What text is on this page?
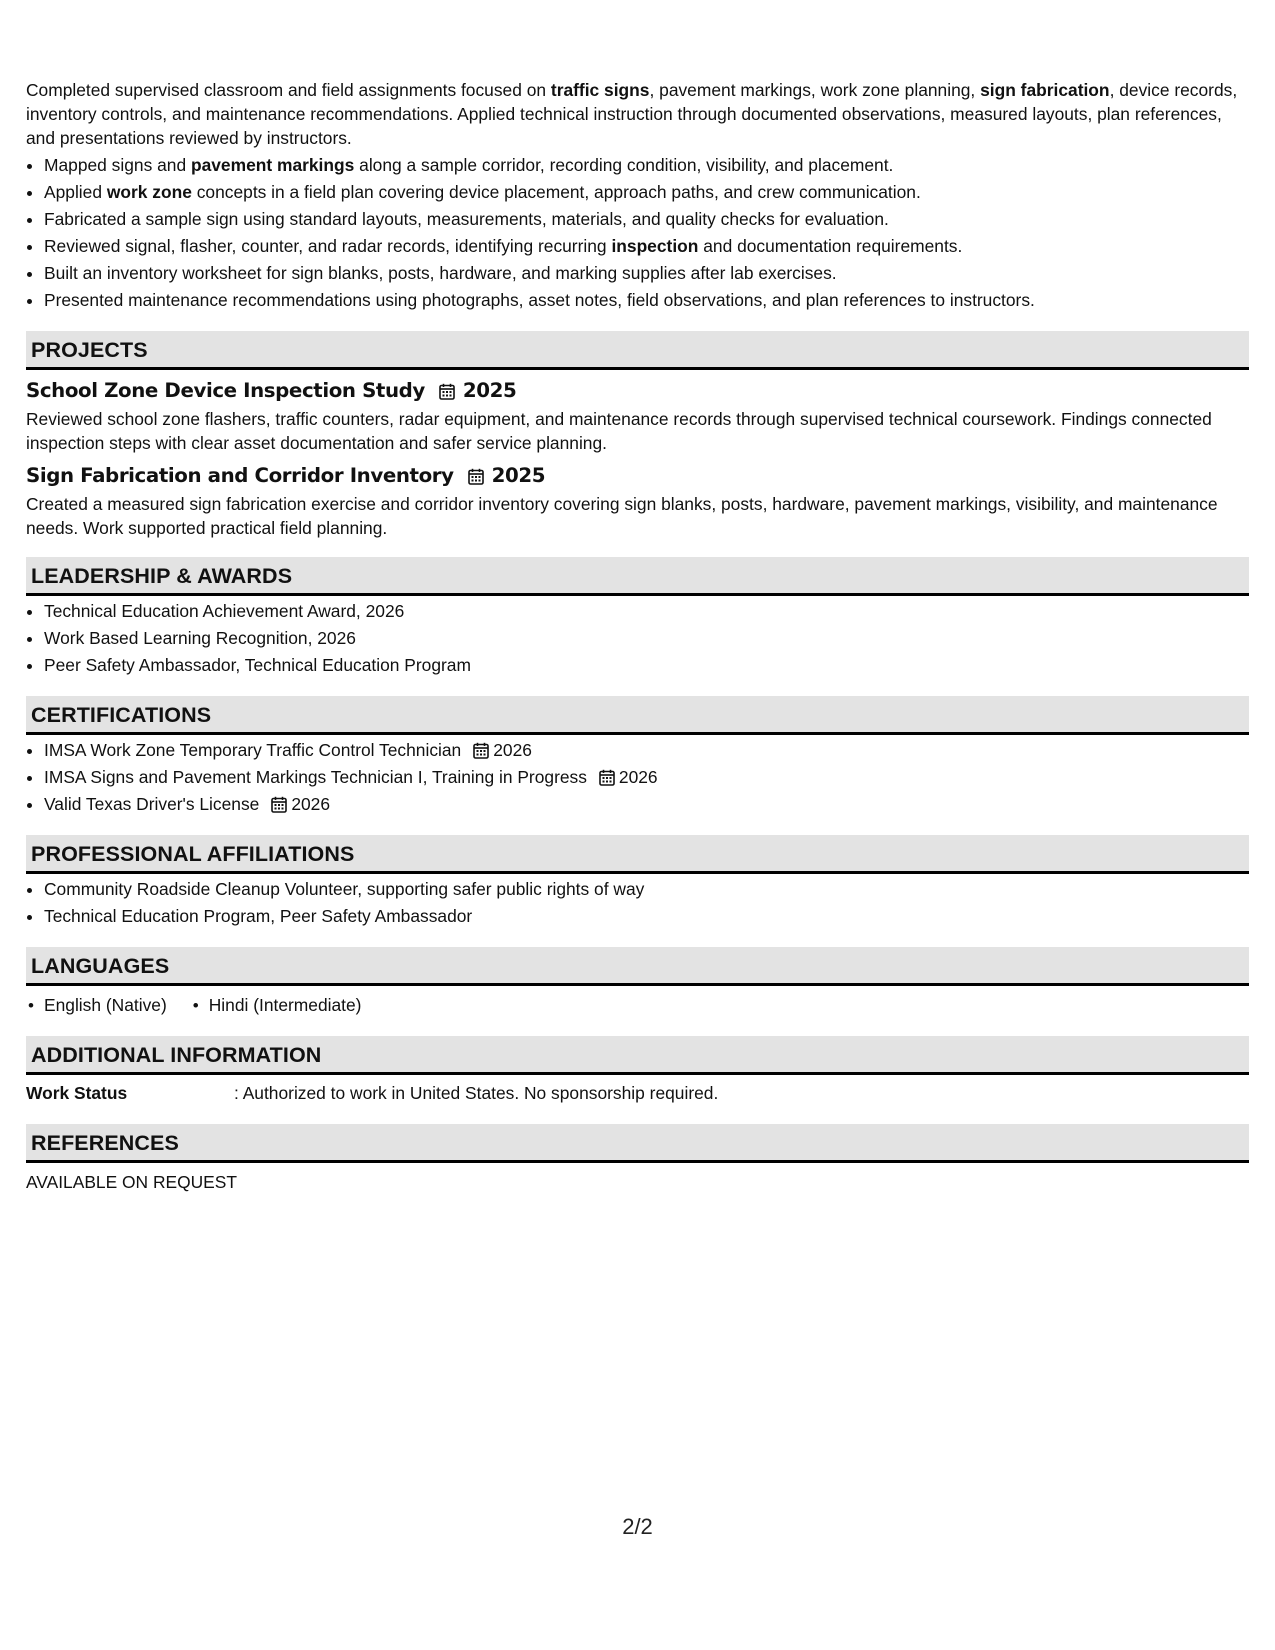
Completed supervised classroom and field assignments focused on traffic signs, pavement markings, work zone planning, sign fabrication, device records, inventory controls, and maintenance recommendations. Applied technical instruction through documented observations, measured layouts, plan references, and presentations reviewed by instructors.

• Mapped signs and pavement markings along a sample corridor, recording condition, visibility, and placement.
• Applied work zone concepts in a field plan covering device placement, approach paths, and crew communication.
• Fabricated a sample sign using standard layouts, measurements, materials, and quality checks for evaluation.
• Reviewed signal, flasher, counter, and radar records, identifying recurring inspection and documentation requirements.
• Built an inventory worksheet for sign blanks, posts, hardware, and marking supplies after lab exercises.
• Presented maintenance recommendations using photographs, asset notes, field observations, and plan references to instructors.
PROJECTS
School Zone Device Inspection Study 2025

Reviewed school zone flashers, traffic counters, radar equipment, and maintenance records through supervised technical coursework. Findings connected inspection steps with clear asset documentation and safer service planning.

Sign Fabrication and Corridor Inventory 2025

Created a measured sign fabrication exercise and corridor inventory covering sign blanks, posts, hardware, pavement markings, visibility, and maintenance needs. Work supported practical field planning.

LEADERSHIP & AWARDS
• Technical Education Achievement Award, 2026
• Work Based Learning Recognition, 2026
• Peer Safety Ambassador, Technical Education Program
CERTIFICATIONS
• IMSA Work Zone Temporary Traffic Control Technician 2026
• IMSA Signs and Pavement Markings Technician I, Training in Progress 2026
• Valid Texas Driver's License 2026
PROFESSIONAL AFFILIATIONS
• Community Roadside Cleanup Volunteer, supporting safer public rights of way
• Technical Education Program, Peer Safety Ambassador
LANGUAGES
• English (Native)
•	Hindi (Intermediate)
ADDITIONAL INFORMATION
Work Status	: Authorized to work in United States. No sponsorship required.
REFERENCES
AVAILABLE ON REQUEST
2/2
